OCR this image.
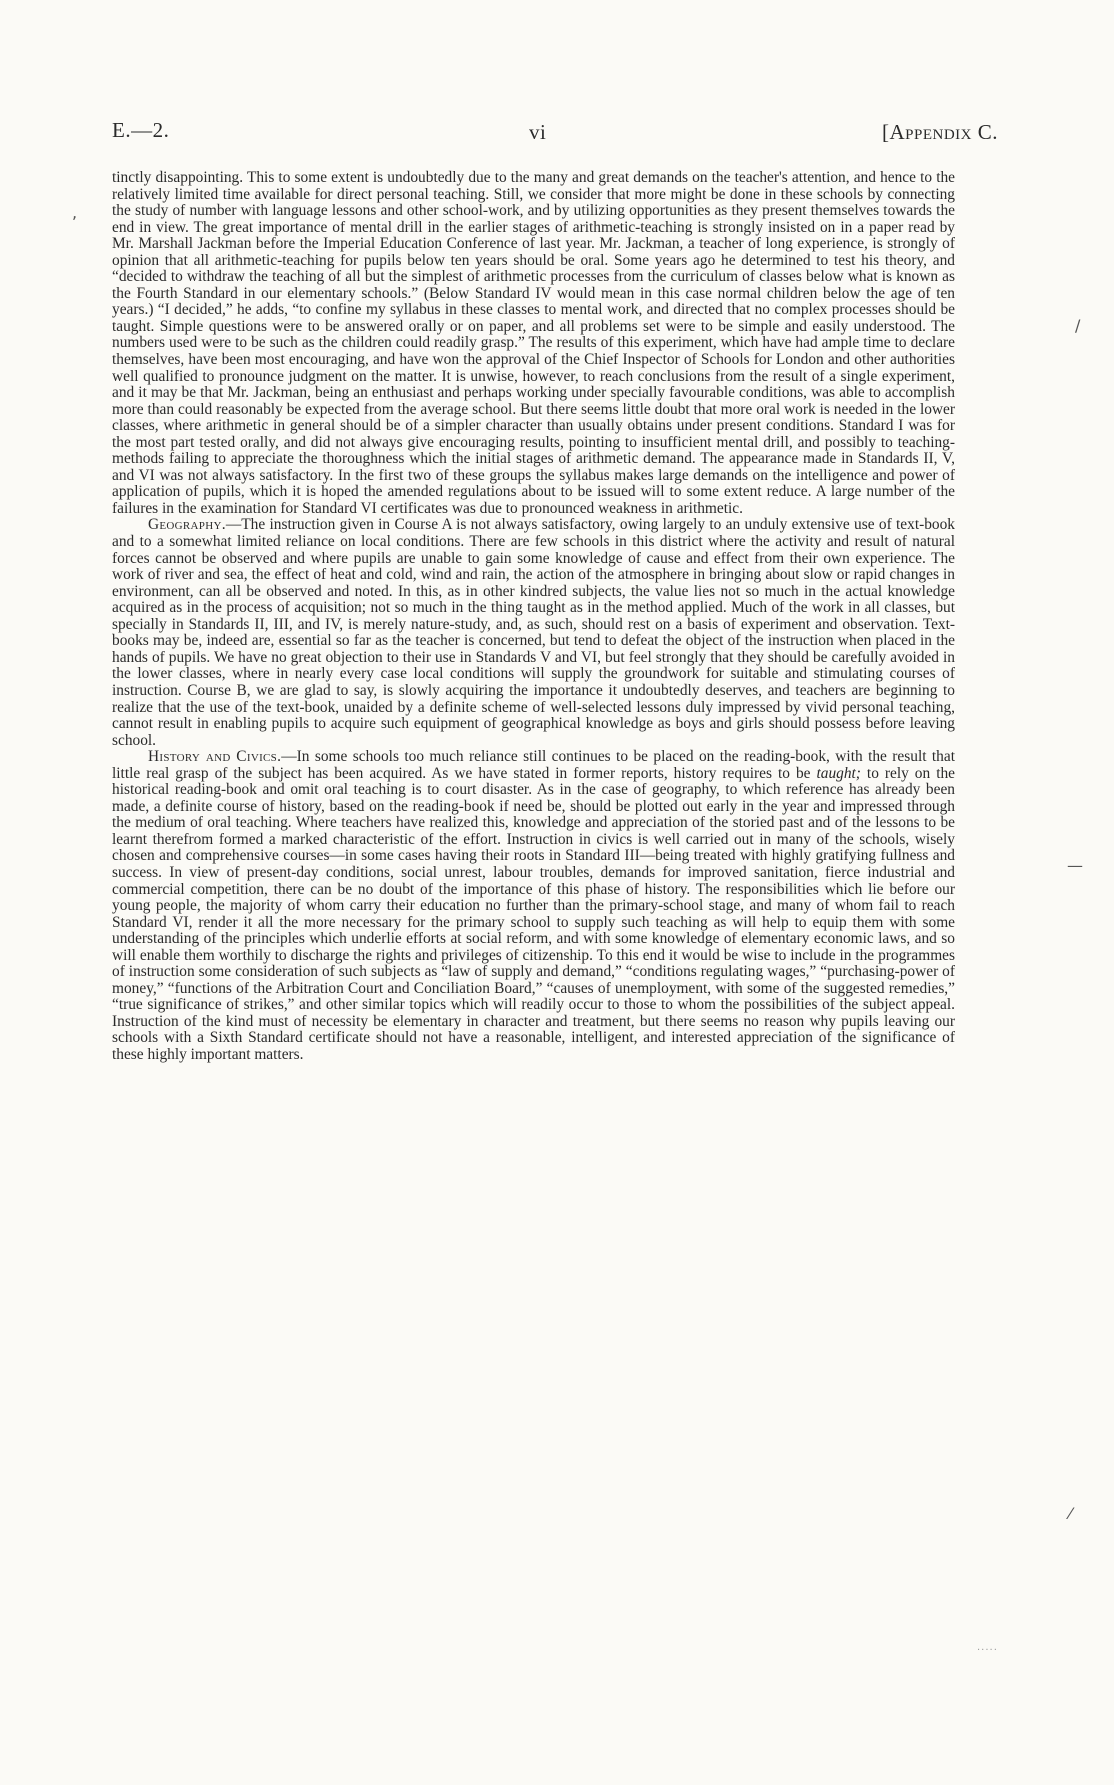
E.—2.	vi	[Appendix C.

tinctly disappointing. This to some extent is undoubtedly due to the many and great demands on the teacher's attention, and hence to the relatively limited time available for direct personal teaching. Still, we consider that more might be done in these schools by connecting the study of number with language lessons and other school-work, and by utilizing opportunities as they present themselves towards the end in view. The great importance of mental drill in the earlier stages of arithmetic-teaching is strongly insisted on in a paper read by Mr. Marshall Jackman before the Imperial Education Conference of last year. Mr. Jackman, a teacher of long experience, is strongly of opinion that all arithmetic-teaching for pupils below ten years should be oral. Some years ago he determined to test his theory, and “decided to withdraw the teaching of all but the simplest of arithmetic processes from the curriculum of classes below what is known as the Fourth Standard in our elementary schools.” (Below Standard IV would mean in this case normal children below the age of ten years.) “I decided,” he adds, “to confine my syllabus in these classes to mental work, and directed that no complex processes should be taught. Simple questions were to be answered orally or on paper, and all problems set were to be simple and easily understood. The numbers used were to be such as the children could readily grasp.” The results of this experiment, which have had ample time to declare themselves, have been most encouraging, and have won the approval of the Chief Inspector of Schools for London and other authorities well qualified to pronounce judgment on the matter. It is unwise, however, to reach conclusions from the result of a single experiment, and it may be that Mr. Jackman, being an enthusiast and perhaps working under specially favourable conditions, was able to accomplish more than could reasonably be expected from the average school. But there seems little doubt that more oral work is needed in the lower classes, where arithmetic in general should be of a simpler character than usually obtains under present conditions. Standard I was for the most part tested orally, and did not always give encouraging results, pointing to insufficient mental drill, and possibly to teaching-methods failing to appreciate the thoroughness which the initial stages of arithmetic demand. The appearance made in Standards II, V, and VI was not always satisfactory. In the first two of these groups the syllabus makes large demands on the intelligence and power of application of pupils, which it is hoped the amended regulations about to be issued will to some extent reduce. A large number of the failures in the examination for Standard VI certificates was due to pronounced weakness in arithmetic.

Geography.—The instruction given in Course A is not always satisfactory, owing largely to an unduly extensive use of text-book and to a somewhat limited reliance on local conditions. There are few schools in this district where the activity and result of natural forces cannot be observed and where pupils are unable to gain some knowledge of cause and effect from their own experience. The work of river and sea, the effect of heat and cold, wind and rain, the action of the atmosphere in bringing about slow or rapid changes in environment, can all be observed and noted. In this, as in other kindred subjects, the value lies not so much in the actual knowledge acquired as in the process of acquisition; not so much in the thing taught as in the method applied. Much of the work in all classes, but specially in Standards II, III, and IV, is merely nature-study, and, as such, should rest on a basis of experiment and observation. Text-books may be, indeed are, essential so far as the teacher is concerned, but tend to defeat the object of the instruction when placed in the hands of pupils. We have no great objection to their use in Standards V and VI, but feel strongly that they should be carefully avoided in the lower classes, where in nearly every case local conditions will supply the groundwork for suitable and stimulating courses of instruction. Course B, we are glad to say, is slowly acquiring the importance it undoubtedly deserves, and teachers are beginning to realize that the use of the text-book, unaided by a definite scheme of well-selected lessons duly impressed by vivid personal teaching, cannot result in enabling pupils to acquire such equipment of geographical knowledge as boys and girls should possess before leaving school.

History and Civics.—In some schools too much reliance still continues to be placed on the reading-book, with the result that little real grasp of the subject has been acquired. As we have stated in former reports, history requires to be taught; to rely on the historical reading-book and omit oral teaching is to court disaster. As in the case of geography, to which reference has already been made, a definite course of history, based on the reading-book if need be, should be plotted out early in the year and impressed through the medium of oral teaching. Where teachers have realized this, knowledge and appreciation of the storied past and of the lessons to be learnt therefrom formed a marked characteristic of the effort. Instruction in civics is well carried out in many of the schools, wisely chosen and comprehensive courses—in some cases having their roots in Standard III—being treated with highly gratifying fullness and success. In view of present-day conditions, social unrest, labour troubles, demands for improved sanitation, fierce industrial and commercial competition, there can be no doubt of the importance of this phase of history. The responsibilities which lie before our young people, the majority of whom carry their education no further than the primary-school stage, and many of whom fail to reach Standard VI, render it all the more necessary for the primary school to supply such teaching as will help to equip them with some understanding of the principles which underlie efforts at social reform, and with some knowledge of elementary economic laws, and so will enable them worthily to discharge the rights and privileges of citizenship. To this end it would be wise to include in the programmes of instruction some consideration of such subjects as “law of supply and demand,” “conditions regulating wages,” “purchasing-power of money,” “functions of the Arbitration Court and Conciliation Board,” “causes of unemployment, with some of the suggested remedies,” “true significance of strikes,” and other similar topics which will readily occur to those to whom the possibilities of the subject appeal. Instruction of the kind must of necessity be elementary in character and treatment, but there seems no reason why pupils leaving our schools with a Sixth Standard certificate should not have a reasonable, intelligent, and interested appreciation of the significance of these highly important matters.

,
/
—
⁄
·····
